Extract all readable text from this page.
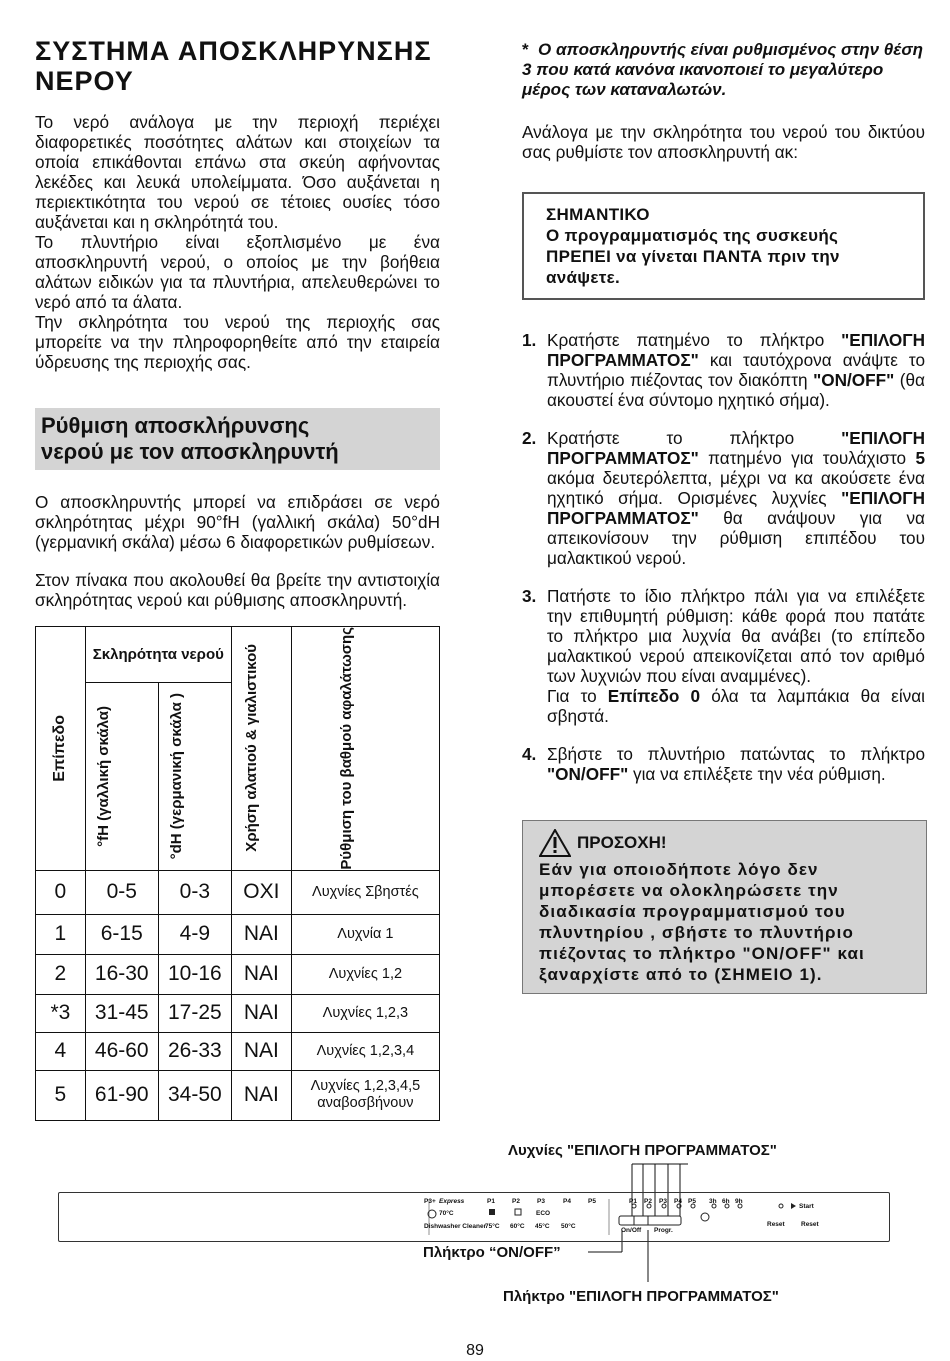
ΣΥΣΤΗΜΑ ΑΠΟΣΚΛΗΡΥΝΣΗΣ
ΝΕΡΟΥ

Το νερό ανάλογα με την περιοχή περιέχει διαφορετικές ποσότητες αλάτων και στοιχείων τα οποία επικάθονται επάνω στα σκεύη αφήνοντας λεκέδες και λευκά υπολείμματα. Όσο αυξάνεται η περιεκτικότητα του νερού σε τέτοιες ουσίες τόσο αυξάνεται και η σκληρότητά του.

Το πλυντήριο είναι εξοπλισμένο με ένα αποσκληρυντή νερού, ο οποίος με την βοήθεια αλάτων ειδικών για τα πλυντήρια, απελευθερώνει το νερό από τα άλατα.

Την σκληρότητα του νερού της περιοχής σας μπορείτε να την πληροφορηθείτε από την εταιρεία ύδρευσης της περιοχής σας.

Ρύθμιση αποσκλήρυνσης
νερού με τον αποσκληρυντή

Ο αποσκληρυντής μπορεί να επιδράσει σε νερό σκληρότητας μέχρι 90°fH (γαλλική σκάλα) 50°dH (γερμανική σκάλα) μέσω 6 διαφορετικών ρυθμίσεων.

Στον πίνακα που ακολουθεί θα βρείτε την αντιστοιχία σκληρότητας νερού και ρύθμισης αποσκληρυντή.

Επίπεδο	Σκληρότητα νερού		Χρήση αλατιού & γιαλιστικού	Ρύθμιση του βαθμού αφαλάτωσης

	°fH (γαλλική σκάλα)	°dH (γερμανική σκάλα )		

0	0-5	0-3	ΟΧΙ	Λυχνίες Σβηστές
1	6-15	4-9	ΝΑΙ	Λυχνία 1
2	16-30	10-16	ΝΑΙ	Λυχνίες 1,2
*3	31-45	17-25	ΝΑΙ	Λυχνίες 1,2,3
4	46-60	26-33	ΝΑΙ	Λυχνίες 1,2,3,4
5	61-90	34-50	ΝΑΙ	Λυχνίες 1,2,3,4,5 αναβοσβήνουν

* Ο αποσκληρυντής είναι ρυθμισμένος στην θέση 3 που κατά κανόνα ικανοποιεί το μεγαλύτερο μέρος των καταναλωτών.

Ανάλογα με την σκληρότητα του νερού του δικτύου σας ρυθμίστε τον αποσκληρυντή ακ:

ΣΗΜΑΝΤΙΚΟ
Ο προγραμματισμός της συσκευής ΠΡΕΠΕΙ να γίνεται ΠΑΝΤΑ πριν την ανάψετε.
1. Κρατήστε πατημένο το πλήκτρο "ΕΠΙΛΟΓΗ ΠΡΟΓΡΑΜΜΑΤΟΣ" και ταυτόχρονα ανάψτε το πλυντήριο πιέζοντας τον διακόπτη "ON/OFF" (θα ακουστεί ένα σύντομο ηχητικό σήμα).
2. Κρατήστε το πλήκτρο "ΕΠΙΛΟΓΗ ΠΡΟΓΡΑΜΜΑΤΟΣ" πατημένο για τουλάχιστο 5 ακόμα δευτερόλεπτα, μέχρι να κα ακούσετε ένα ηχητικό σήμα. Ορισμένες λυχνίες "ΕΠΙΛΟΓΗ ΠΡΟΓΡΑΜΜΑΤΟΣ" θα ανάψουν για να απεικονίσουν την ρύθμιση επιπέδου του μαλακτικού νερού.
3. Πατήστε το ίδιο πλήκτρο πάλι για να επιλέξετε την επιθυμητή ρύθμιση: κάθε φορά που πατάτε το πλήκτρο μια λυχνία θα ανάβει (το επίπεδο μαλακτικού νερού απεικονίζεται από τον αριθμό των λυχνιών που είναι αναμμένες).
Για το Επίπεδο 0 όλα τα λαμπάκια θα είναι σβηστά.
4. Σβήστε το πλυντήριο πατώντας το πλήκτρο "ON/OFF" για να επιλέξετε την νέα ρύθμιση.
ΠΡΟΣΟΧΗ!
Εάν για οποιοδήποτε λόγο δεν μπορέσετε να ολοκληρώσετε την διαδικασία προγραμματισμού του πλυντηρίου , σβήστε το πλυντήριο πιέζοντας το πλήκτρο "ON/OFF" και ξαναρχίστε από το (ΣΗΜΕΙΟ 1).
Λυχνίες "ΕΠΙΛΟΓΗ ΠΡΟΓΡΑΜΜΑΤΟΣ"
P3+ Express
70°C
Dishwasher Cleaner
P1	P2	P3	P4	P5
ECO
75°C 60°C 45°C 50°C
P1 P2 P3 P4 P5 3h 6h 9h
Start
On/Off Progr.
Reset	Reset
Πλήκτρο “ON/OFF”
Πλήκτρο "ΕΠΙΛΟΓΗ ΠΡΟΓΡΑΜΜΑΤΟΣ"
89
